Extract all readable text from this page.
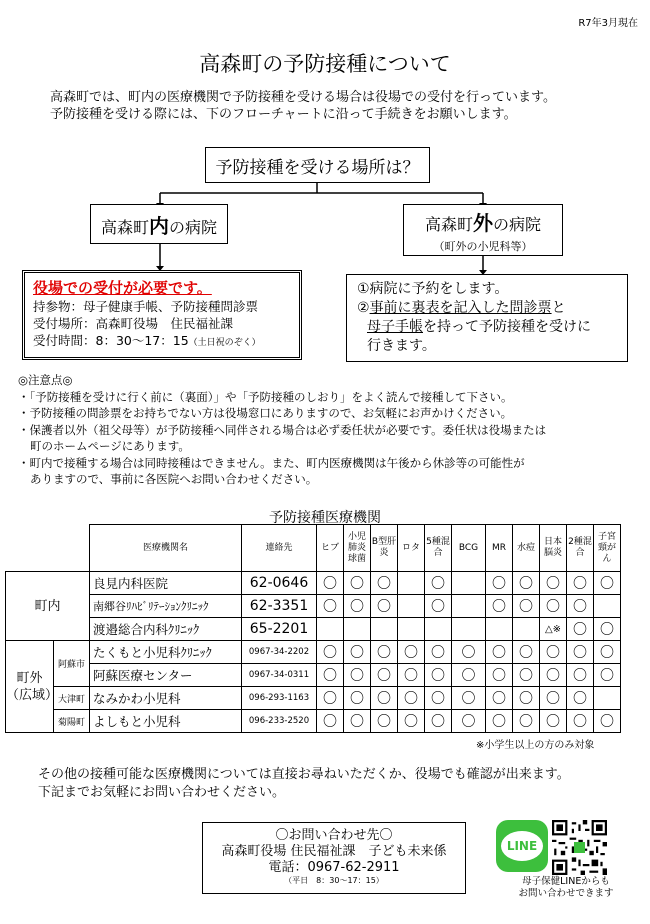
R7年3月現在
高森町の予防接種について
高森町では、町内の医療機関で予防接種を受ける場合は役場での受付を行っています。
予防接種を受ける際には、下のフローチャートに沿って手続きをお願いします。
予防接種を受ける場所は？
高森町内の病院	高森町外の病院
（町外の小児科等）
役場での受付が必要です。
持参物：母子健康手帳、予防接種問診票
受付場所：高森町役場　住民福祉課
受付時間：8：30～17：15（土日祝のぞく）
①病院に予約をします。
②事前に裏表を記入した問診票と
母子手帳を持って予防接種を受けに
行きます。
◎注意点◎
・「予防接種を受けに行く前に（裏面）」や「予防接種のしおり」をよく読んで接種して下さい。
・予防接種の問診票をお持ちでない方は役場窓口にありますので、お気軽にお声かけください。
・保護者以外（祖父母等）が予防接種へ同伴される場合は必ず委任状が必要です。委任状は役場または
町のホームページにあります。
・町内で接種する場合は同時接種はできません。また、町内医療機関は午後から休診等の可能性が
ありますので、事前に各医院へお問い合わせください。
予防接種医療機関
		医療機関名	連絡先	ヒブ	小児肺炎球菌	B型肝炎	ロタ	5種混合	BCG	MR	水痘	日本脳炎	2種混合	子宮頸がん
町内		良見内科医院	62-0646	〇	〇	〇		〇		〇	〇	〇	〇	〇
		南郷谷ﾘﾊﾋﾞﾘﾃｰｼｮﾝｸﾘﾆｯｸ	62-3351	〇	〇	〇		〇		〇	〇	〇	〇	
		渡邉総合内科ｸﾘﾆｯｸ	65-2201									△※	〇	〇
町外（広域）	阿蘇市	たくもと小児科ｸﾘﾆｯｸ	0967-34-2202	〇	〇	〇	〇	〇	〇	〇	〇	〇	〇	〇
		阿蘇医療センター	0967-34-0311	〇	〇	〇	〇	〇	〇	〇	〇	〇	〇	〇
	大津町	なみかわ小児科	096-293-1163	〇	〇	〇	〇	〇	〇	〇	〇	〇	〇	
	菊陽町	よしもと小児科	096-233-2520	〇	〇	〇	〇	〇	〇	〇	〇	〇	〇	〇
※小学生以上の方のみ対象
その他の接種可能な医療機関については直接お尋ねいただくか、役場でも確認が出来ます。
下記までお気軽にお問い合わせください。
〇お問い合わせ先〇
高森町役場 住民福祉課　子ども未来係
電話：0967-62-2911
（平日　8：30～17：15）
LINE
母子保健LINEからも
お問い合わせできます
